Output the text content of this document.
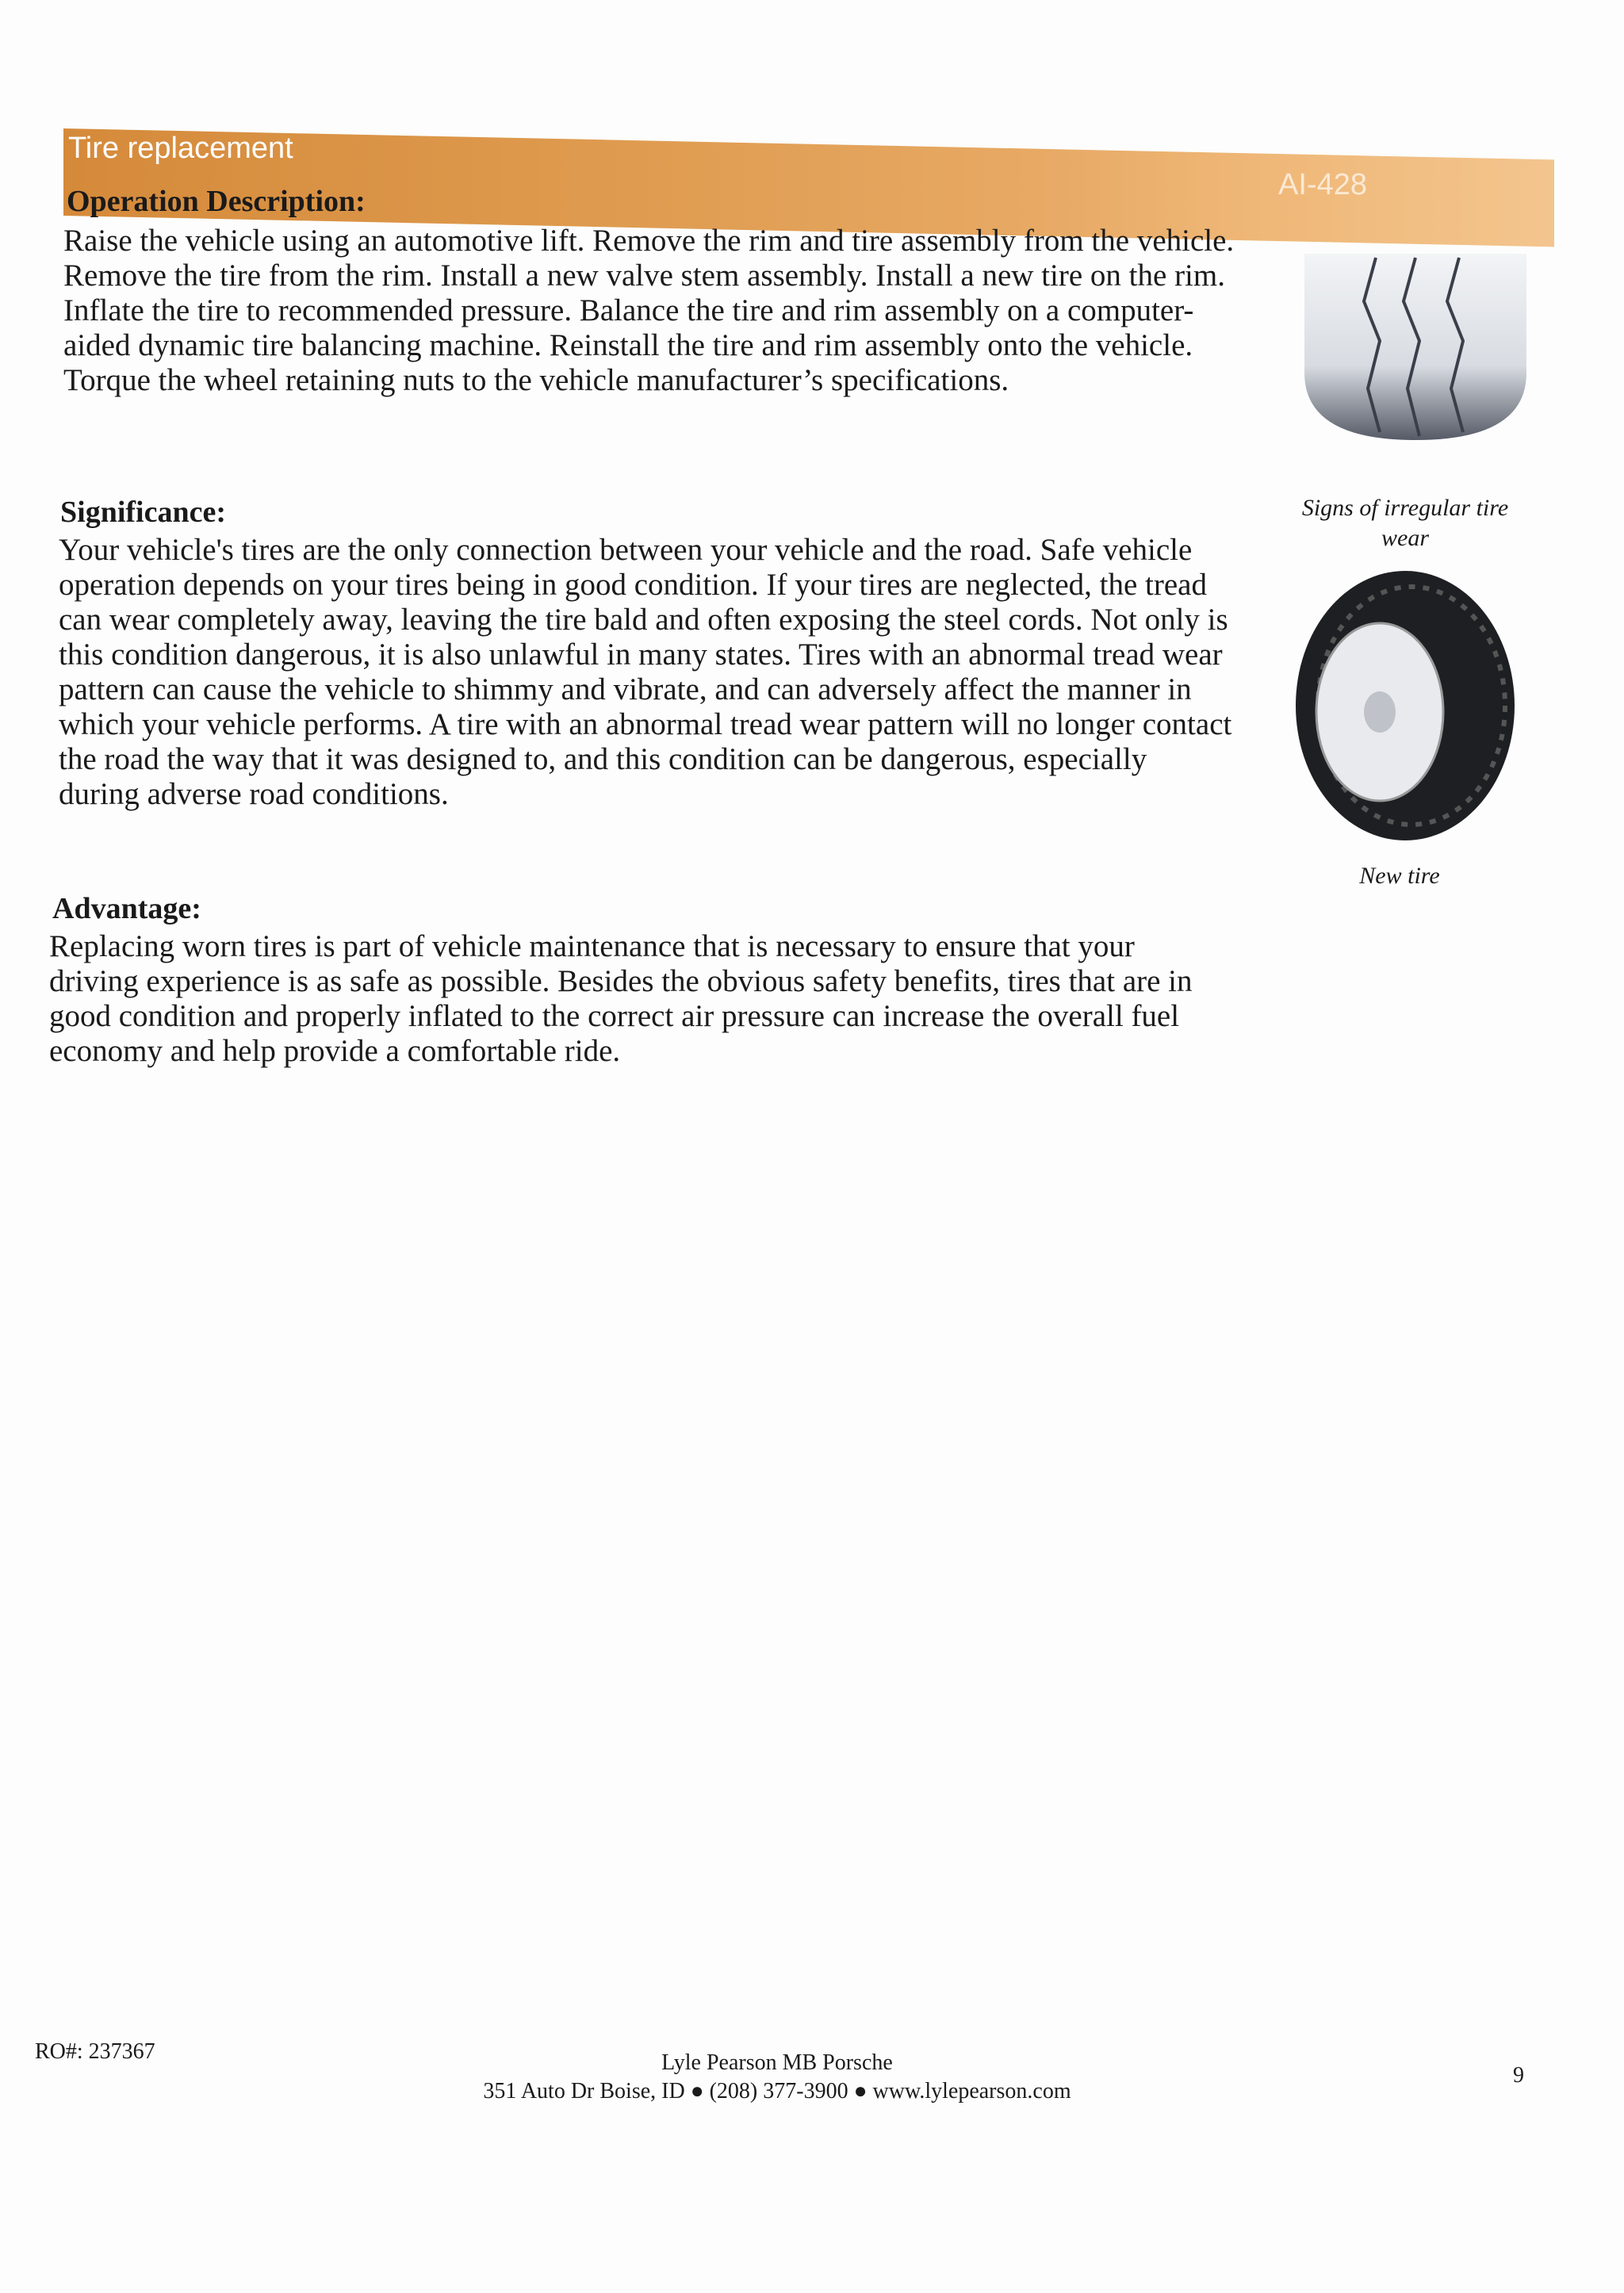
Tire replacement
AI-428
Operation Description:
Raise the vehicle using an automotive lift. Remove the rim and tire assembly from the vehicle. Remove the tire from the rim. Install a new valve stem assembly. Install a new tire on the rim. Inflate the tire to recommended pressure. Balance the tire and rim assembly on a computer-aided dynamic tire balancing machine. Reinstall the tire and rim assembly onto the vehicle. Torque the wheel retaining nuts to the vehicle manufacturer’s specifications.
Significance:
Your vehicle's tires are the only connection between your vehicle and the road. Safe vehicle operation depends on your tires being in good condition. If your tires are neglected, the tread can wear completely away, leaving the tire bald and often exposing the steel cords. Not only is this condition dangerous, it is also unlawful in many states. Tires with an abnormal tread wear pattern can cause the vehicle to shimmy and vibrate, and can adversely affect the manner in which your vehicle performs. A tire with an abnormal tread wear pattern will no longer contact the road the way that it was designed to, and this condition can be dangerous, especially during adverse road conditions.
Advantage:
Replacing worn tires is part of vehicle maintenance that is necessary to ensure that your driving experience is as safe as possible. Besides the obvious safety benefits, tires that are in good condition and properly inflated to the correct air pressure can increase the overall fuel economy and help provide a comfortable ride.
Signs of irregular tire wear
New tire
RO#: 237367	Lyle Pearson MB Porsche
351 Auto Dr Boise, ID ● (208) 377-3900 ● www.lylepearson.com
9
